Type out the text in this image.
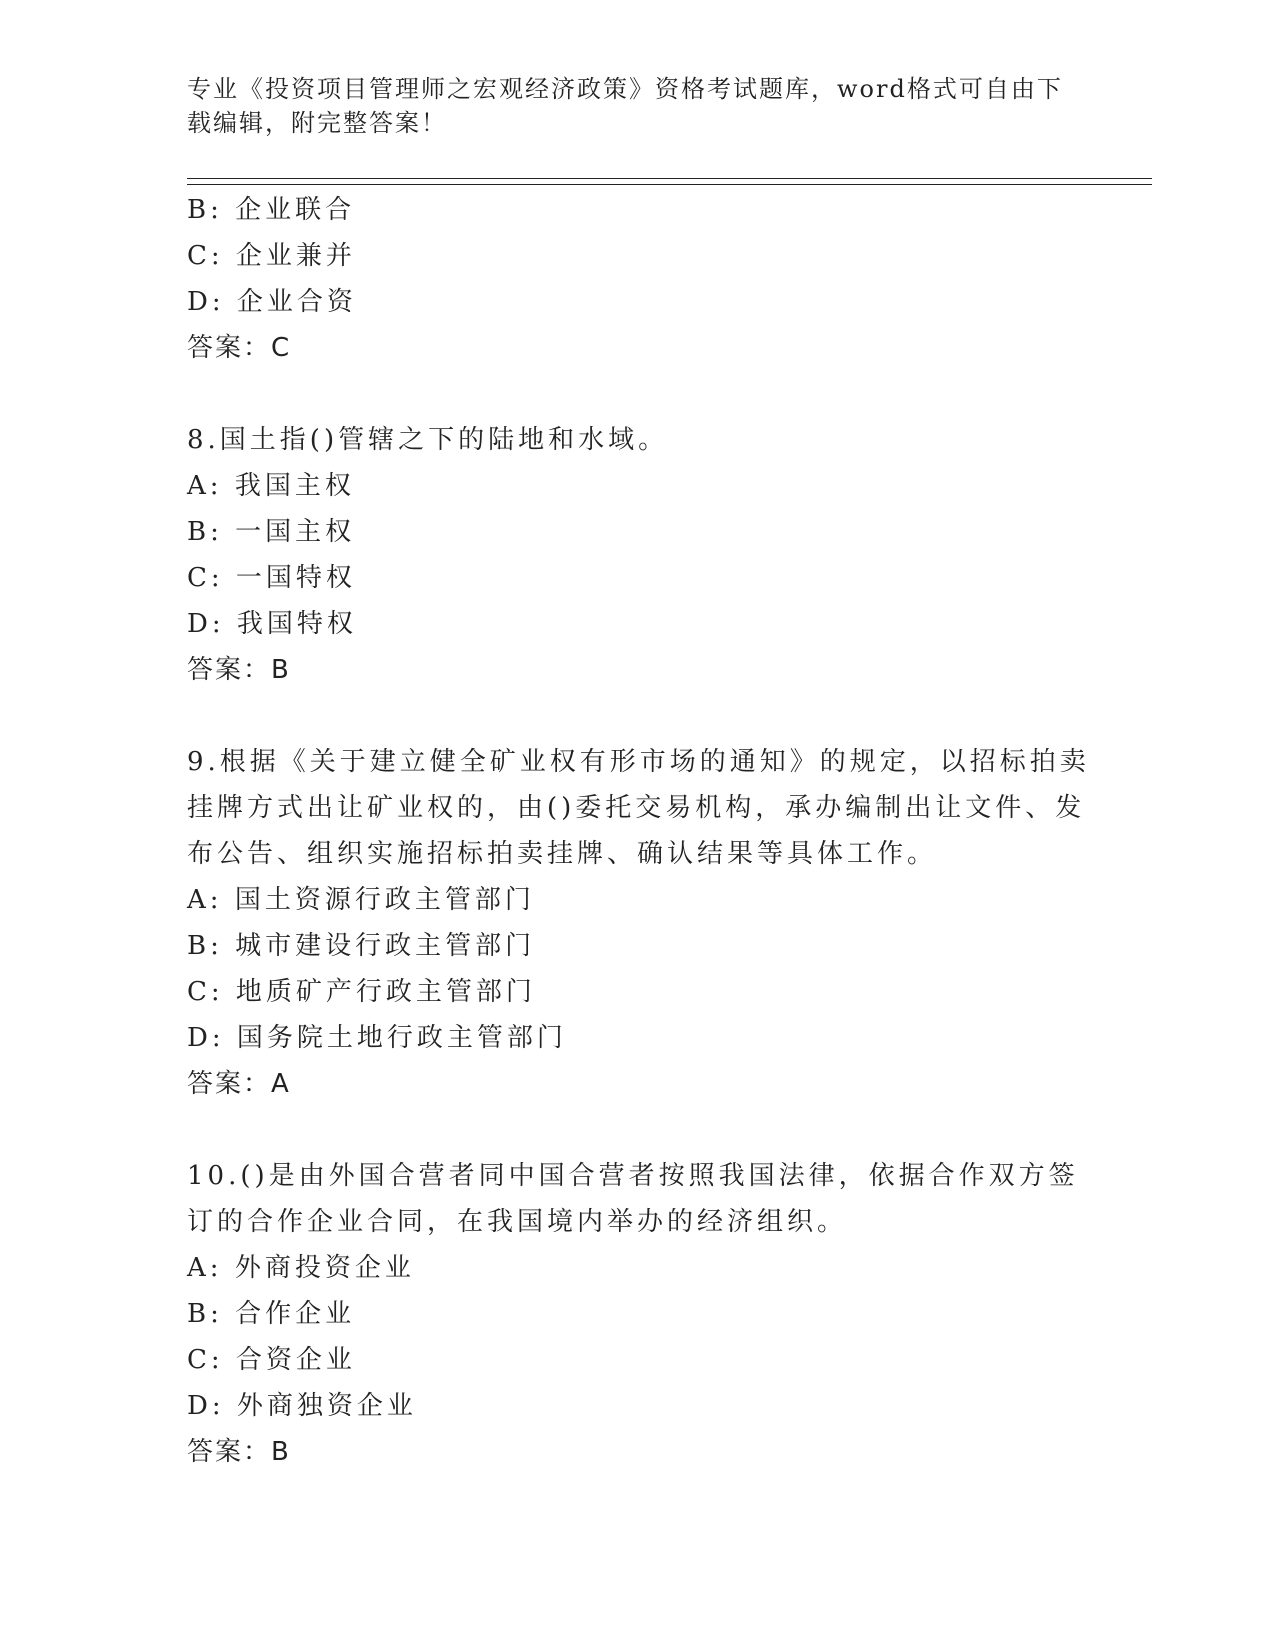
专业《投资项目管理师之宏观经济政策》资格考试题库，word格式可自由下载编辑，附完整答案！
B: 企业联合
C: 企业兼并
D: 企业合资
答案：C
8.国土指()管辖之下的陆地和水域。
A: 我国主权
B: 一国主权
C: 一国特权
D: 我国特权
答案：B
9.根据《关于建立健全矿业权有形市场的通知》的规定，以招标拍卖挂牌方式出让矿业权的，由()委托交易机构，承办编制出让文件、发布公告、组织实施招标拍卖挂牌、确认结果等具体工作。
A: 国土资源行政主管部门
B: 城市建设行政主管部门
C: 地质矿产行政主管部门
D: 国务院土地行政主管部门
答案：A
10.()是由外国合营者同中国合营者按照我国法律，依据合作双方签订的合作企业合同，在我国境内举办的经济组织。
A: 外商投资企业
B: 合作企业
C: 合资企业
D: 外商独资企业
答案：B
